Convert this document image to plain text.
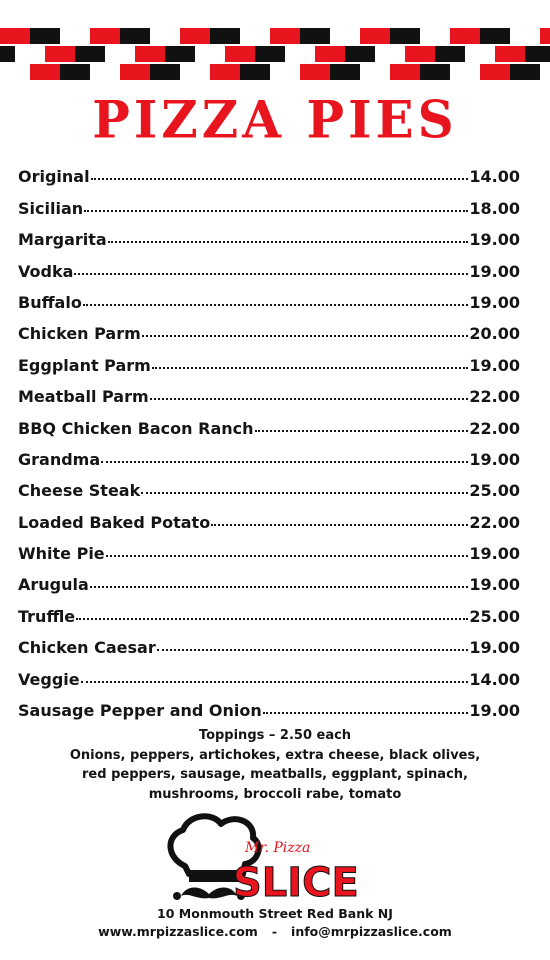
PIZZA PIES
Original	14.00
Sicilian	18.00
Margarita	19.00
Vodka	19.00
Buffalo	19.00
Chicken Parm	20.00
Eggplant Parm	19.00
Meatball Parm	22.00
BBQ Chicken Bacon Ranch	22.00
Grandma	19.00
Cheese Steak	25.00
Loaded Baked Potato	22.00
White Pie	19.00
Arugula	19.00
Truffle	25.00
Chicken Caesar	19.00
Veggie	14.00
Sausage Pepper and Onion	19.00
Toppings – 2.50 each
Onions, peppers, artichokes, extra cheese, black olives,
red peppers, sausage, meatballs, eggplant, spinach,
mushrooms, broccoli rabe, tomato
Mr. Pizza
SLICE
10 Monmouth Street Red Bank NJ
www.mrpizzaslice.com - info@mrpizzaslice.com
